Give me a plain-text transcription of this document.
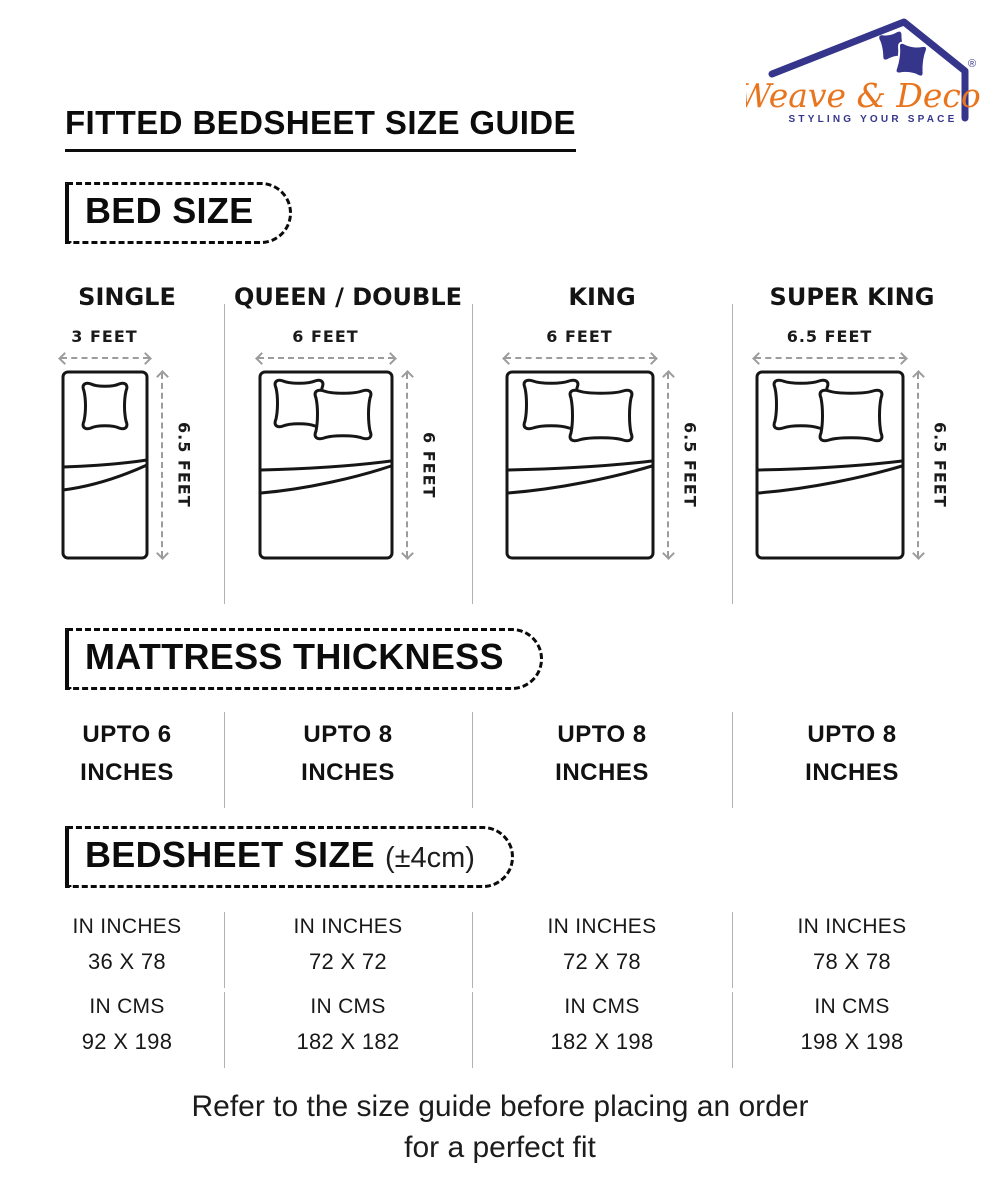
®
Weave & Decor
STYLING YOUR SPACE
FITTED BEDSHEET SIZE GUIDE
BED SIZE
SINGLE
3 FEET
6.5 FEET
QUEEN / DOUBLE
6 FEET
6 FEET
KING
6 FEET
6.5 FEET
SUPER KING
6.5 FEET
6.5 FEET
MATTRESS THICKNESS
UPTO 6
INCHES
UPTO 8
INCHES
UPTO 8
INCHES
UPTO 8
INCHES
BEDSHEET SIZE (±4cm)
IN INCHES
36 X 78
IN INCHES
72 X 72
IN INCHES
72 X 78
IN INCHES
78 X 78
IN CMS
92 X 198
IN CMS
182 X 182
IN CMS
182 X 198
IN CMS
198 X 198
Refer to the size guide before placing an order
for a perfect fit
